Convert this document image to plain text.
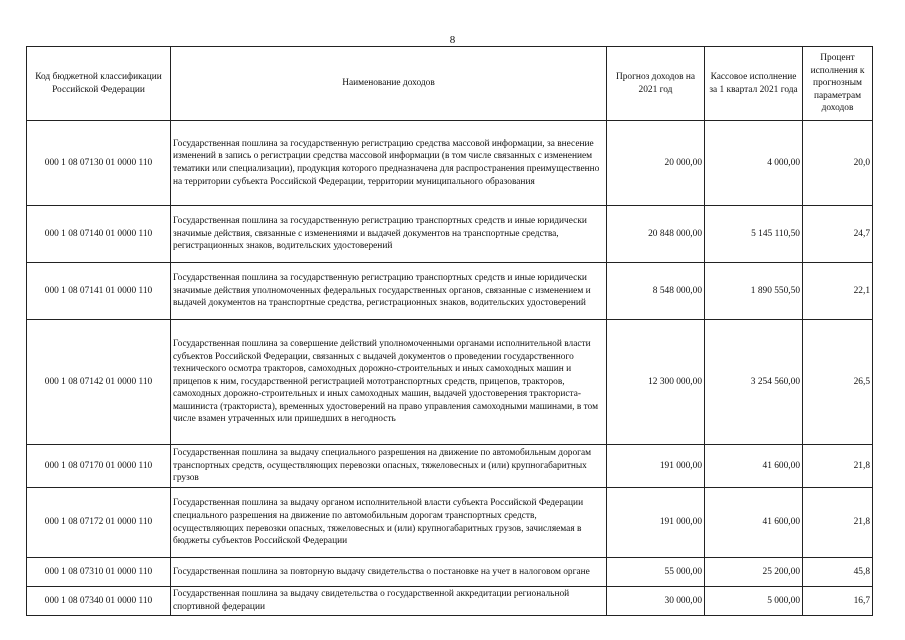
8
Код бюджетной классификации Российской Федерации	Наименование доходов	Прогноз доходов на 2021 год	Кассовое исполнение за 1 квартал 2021 года	Процент исполнения к прогнозным параметрам доходов
000 1 08 07130 01 0000 110	Государственная пошлина за государственную регистрацию средства массовой информации, за внесение изменений в запись о регистрации средства массовой информации (в том числе связанных с изменением тематики или специализации), продукция которого предназначена для распространения преимущественно на территории субъекта Российской Федерации, территории муниципального образования	20 000,00	4 000,00	20,0
000 1 08 07140 01 0000 110	Государственная пошлина за государственную регистрацию транспортных средств и иные юридически значимые действия, связанные с изменениями и выдачей документов на транспортные средства, регистрационных знаков, водительских удостоверений	20 848 000,00	5 145 110,50	24,7
000 1 08 07141 01 0000 110	Государственная пошлина за государственную регистрацию транспортных средств и иные юридически значимые действия уполномоченных федеральных государственных органов, связанные с изменением и выдачей документов на транспортные средства, регистрационных знаков, водительских удостоверений	8 548 000,00	1 890 550,50	22,1
000 1 08 07142 01 0000 110	Государственная пошлина за совершение действий уполномоченными органами исполнительной власти субъектов Российской Федерации, связанных с выдачей документов о проведении государственного технического осмотра тракторов, самоходных дорожно-строительных и иных самоходных машин и прицепов к ним, государственной регистрацией мототранспортных средств, прицепов, тракторов, самоходных дорожно-строительных и иных самоходных машин, выдачей удостоверения тракториста-машиниста (тракториста), временных удостоверений на право управления самоходными машинами, в том числе взамен утраченных или пришедших в негодность	12 300 000,00	3 254 560,00	26,5
000 1 08 07170 01 0000 110	Государственная пошлина за выдачу специального разрешения на движение по автомобильным дорогам транспортных средств, осуществляющих перевозки опасных, тяжеловесных и (или) крупногабаритных грузов	191 000,00	41 600,00	21,8
000 1 08 07172 01 0000 110	Государственная пошлина за выдачу органом исполнительной власти субъекта Российской Федерации специального разрешения на движение по автомобильным дорогам транспортных средств, осуществляющих перевозки опасных, тяжеловесных и (или) крупногабаритных грузов, зачисляемая в бюджеты субъектов Российской Федерации	191 000,00	41 600,00	21,8
000 1 08 07310 01 0000 110	Государственная пошлина за повторную выдачу свидетельства о постановке на учет в налоговом органе	55 000,00	25 200,00	45,8
000 1 08 07340 01 0000 110	Государственная пошлина за выдачу свидетельства о государственной аккредитации региональной спортивной федерации	30 000,00	5 000,00	16,7
